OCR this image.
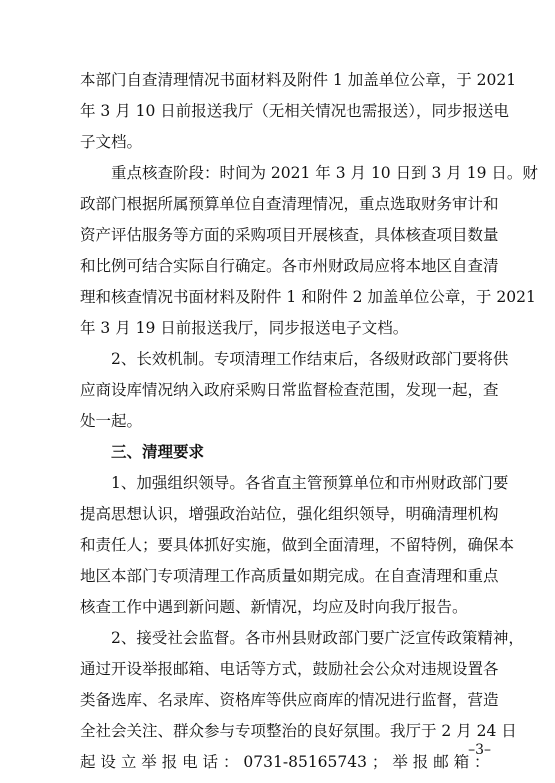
本部门自查清理情况书面材料及附件 1 加盖单位公章，于 2021
年 3 月 10 日前报送我厅（无相关情况也需报送），同步报送电
子文档。
重点核查阶段：时间为 2021 年 3 月 10 日到 3 月 19 日。财
政部门根据所属预算单位自查清理情况，重点选取财务审计和
资产评估服务等方面的采购项目开展核查，具体核查项目数量
和比例可结合实际自行确定。各市州财政局应将本地区自查清
理和核查情况书面材料及附件 1 和附件 2 加盖单位公章，于 2021
年 3 月 19 日前报送我厅，同步报送电子文档。
2、长效机制。专项清理工作结束后，各级财政部门要将供
应商设库情况纳入政府采购日常监督检查范围，发现一起，查
处一起。
三、清理要求
1、加强组织领导。各省直主管预算单位和市州财政部门要
提高思想认识，增强政治站位，强化组织领导，明确清理机构
和责任人；要具体抓好实施，做到全面清理，不留特例，确保本
地区本部门专项清理工作高质量如期完成。在自查清理和重点
核查工作中遇到新问题、新情况，均应及时向我厅报告。
2、接受社会监督。各市州县财政部门要广泛宣传政策精神，
通过开设举报邮箱、电话等方式，鼓励社会公众对违规设置各
类备选库、名录库、资格库等供应商库的情况进行监督，营造
全社会关注、群众参与专项整治的良好氛围。我厅于 2 月 24 日
起 设 立 举 报 电 话 ： 0731-85165743 ； 举 报 邮 箱 ：
–3–
